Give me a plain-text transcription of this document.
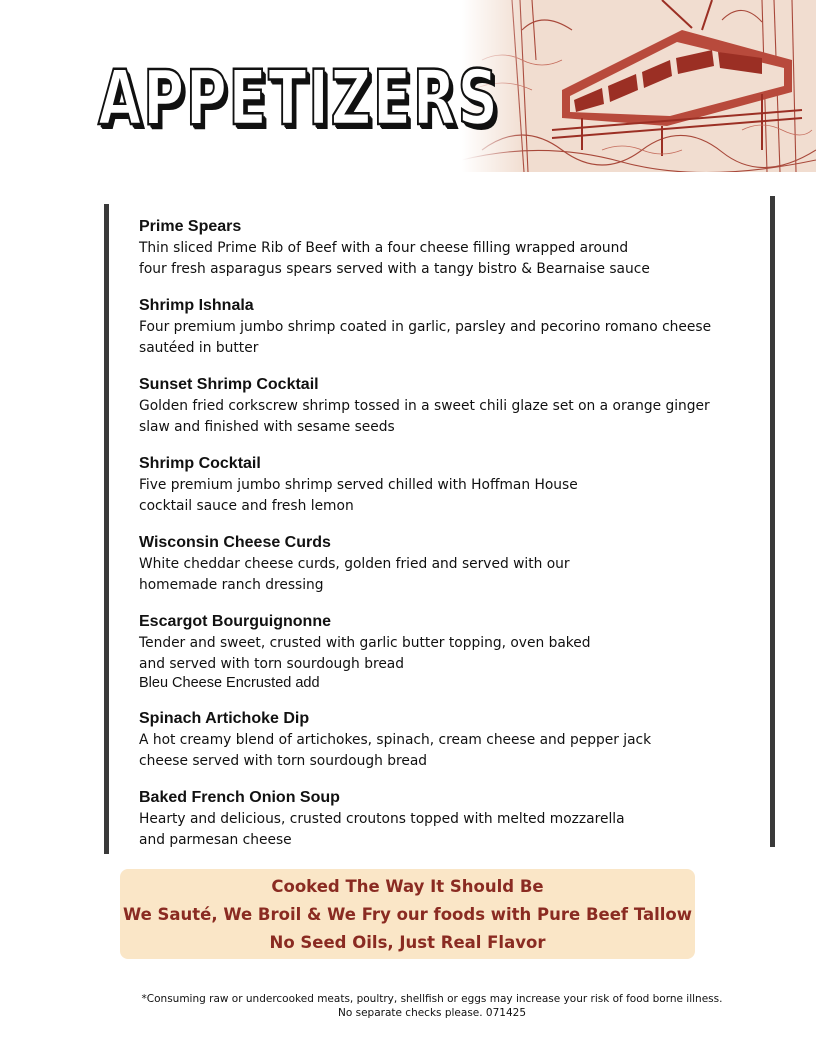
APPETIZERS
Prime Spears
Thin sliced Prime Rib of Beef with a four cheese filling wrapped around
four fresh asparagus spears served with a tangy bistro & Bearnaise sauce
Shrimp Ishnala
Four premium jumbo shrimp coated in garlic, parsley and pecorino romano cheese
sautéed in butter
Sunset Shrimp Cocktail
Golden fried corkscrew shrimp tossed in a sweet chili glaze set on a orange ginger
slaw and finished with sesame seeds
Shrimp Cocktail
Five premium jumbo shrimp served chilled with Hoffman House
cocktail sauce and fresh lemon
Wisconsin Cheese Curds
White cheddar cheese curds, golden fried and served with our
homemade ranch dressing
Escargot Bourguignonne
Tender and sweet, crusted with garlic butter topping, oven baked
and served with torn sourdough bread
Bleu Cheese Encrusted add
Spinach Artichoke Dip
A hot creamy blend of artichokes, spinach, cream cheese and pepper jack
cheese served with torn sourdough bread
Baked French Onion Soup
Hearty and delicious, crusted croutons topped with melted mozzarella
and parmesan cheese
Cooked The Way It Should Be
We Sauté, We Broil & We Fry our foods with Pure Beef Tallow
No Seed Oils, Just Real Flavor
*Consuming raw or undercooked meats, poultry, shellfish or eggs may increase your risk of food borne illness.
No separate checks please. 071425
